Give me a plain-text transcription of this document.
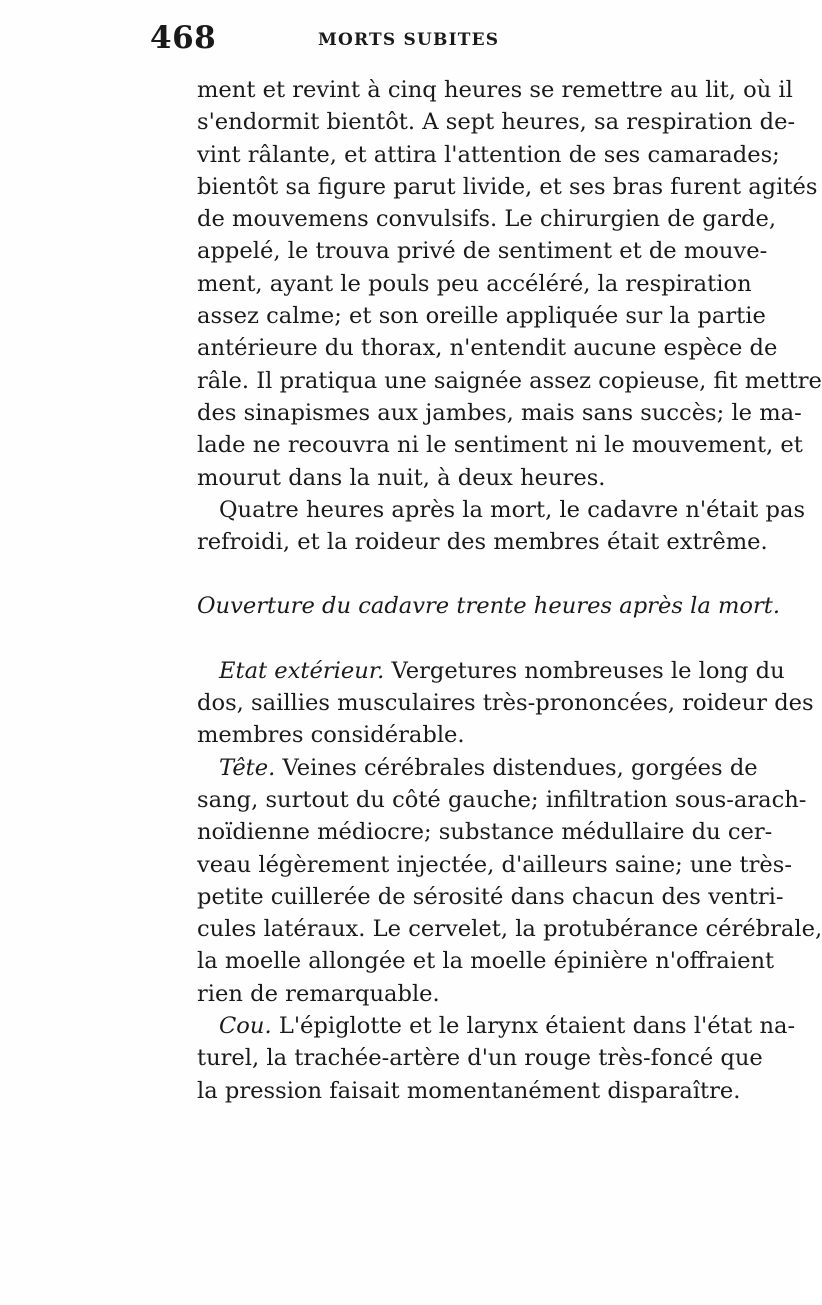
468	MORTS SUBITES
ment et revint à cinq heures se remettre au lit, où il
s'endormit bientôt. A sept heures, sa respiration de-
vint râlante, et attira l'attention de ses camarades;
bientôt sa figure parut livide, et ses bras furent agités
de mouvemens convulsifs. Le chirurgien de garde,
appelé, le trouva privé de sentiment et de mouve-
ment, ayant le pouls peu accéléré, la respiration
assez calme; et son oreille appliquée sur la partie
antérieure du thorax, n'entendit aucune espèce de
râle. Il pratiqua une saignée assez copieuse, fit mettre
des sinapismes aux jambes, mais sans succès; le ma-
lade ne recouvra ni le sentiment ni le mouvement, et
mourut dans la nuit, à deux heures.
Quatre heures après la mort, le cadavre n'était pas
refroidi, et la roideur des membres était extrême.
Ouverture du cadavre trente heures après la mort.
Etat extérieur. Vergetures nombreuses le long du
dos, saillies musculaires très-prononcées, roideur des
membres considérable.
Tête. Veines cérébrales distendues, gorgées de
sang, surtout du côté gauche; infiltration sous-arach-
noïdienne médiocre; substance médullaire du cer-
veau légèrement injectée, d'ailleurs saine; une très-
petite cuillerée de sérosité dans chacun des ventri-
cules latéraux. Le cervelet, la protubérance cérébrale,
la moelle allongée et la moelle épinière n'offraient
rien de remarquable.
Cou. L'épiglotte et le larynx étaient dans l'état na-
turel, la trachée-artère d'un rouge très-foncé que
la pression faisait momentanément disparaître.
